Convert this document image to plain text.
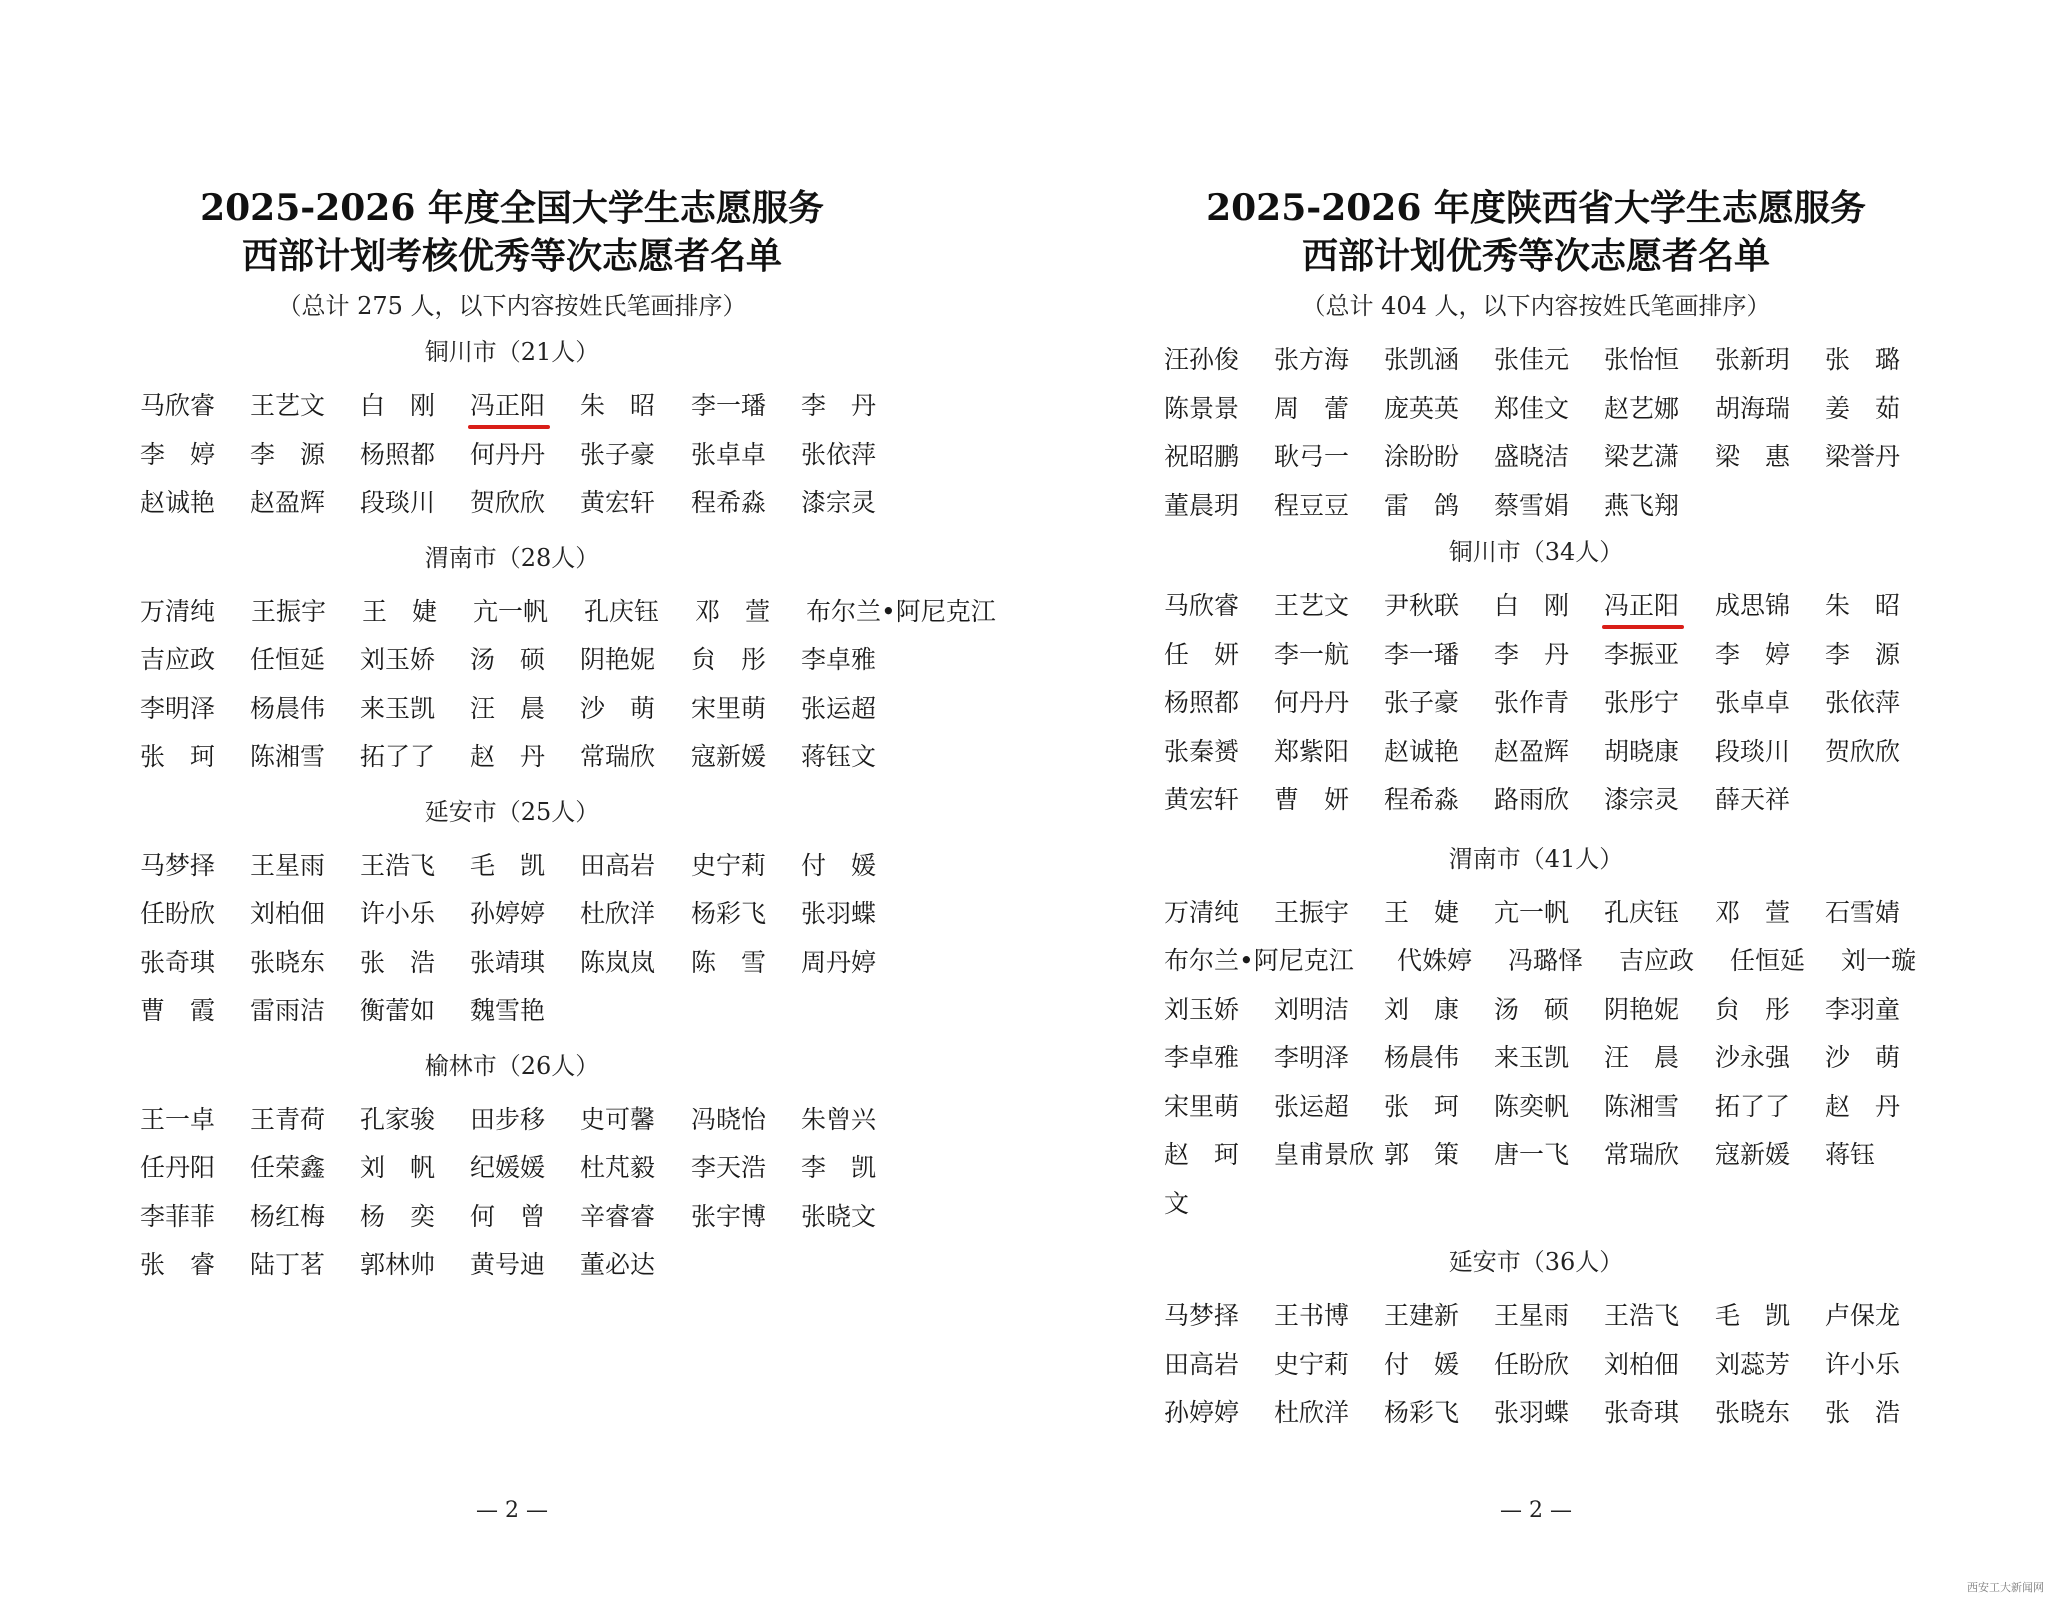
2025-2026 年度全国大学生志愿服务
西部计划考核优秀等次志愿者名单
（总计 275 人，以下内容按姓氏笔画排序）
铜川市（21人）
马欣睿 王艺文 白　刚 冯正阳 朱　昭 李一璠 李　丹
李　婷 李　源 杨照都 何丹丹 张子豪 张卓卓 张依萍
赵诚艳 赵盈辉 段琰川 贺欣欣 黄宏轩 程希淼 漆宗灵
渭南市（28人）
万清纯 王振宇 王　婕 亢一帆 孔庆钰 邓　萱 布尔兰•阿尼克江
吉应政 任恒延 刘玉娇 汤　硕 阴艳妮 贠　彤 李卓雅
李明泽 杨晨伟 来玉凯 汪　晨 沙　萌 宋里萌 张运超
张　珂 陈湘雪 拓了了 赵　丹 常瑞欣 寇新媛 蒋钰文
延安市（25人）
马梦择 王星雨 王浩飞 毛　凯 田高岩 史宁莉 付　媛
任盼欣 刘柏佃 许小乐 孙婷婷 杜欣洋 杨彩飞 张羽蝶
张奇琪 张晓东 张　浩 张靖琪 陈岚岚 陈　雪 周丹婷
曹　霞 雷雨洁 衡蕾如 魏雪艳
榆林市（26人）
王一卓 王青荷 孔家骏 田步移 史可馨 冯晓怡 朱曾兴
任丹阳 任荣鑫 刘　帆 纪媛媛 杜芃毅 李天浩 李　凯
李菲菲 杨红梅 杨　奕 何　曾 辛睿睿 张宇博 张晓文
张　睿 陆丁茗 郭林帅 黄号迪 董必达
— 2 —
2025-2026 年度陕西省大学生志愿服务
西部计划优秀等次志愿者名单
（总计 404 人，以下内容按姓氏笔画排序）
汪孙俊 张方海 张凯涵 张佳元 张怡恒 张新玥 张　璐
陈景景 周　蕾 庞英英 郑佳文 赵艺娜 胡海瑞 姜　茹
祝昭鹏 耿弓一 涂盼盼 盛晓洁 梁艺潇 梁　惠 梁誉丹
董晨玥 程豆豆 雷　鸽 蔡雪娟 燕飞翔
铜川市（34人）
马欣睿 王艺文 尹秋联 白　刚 冯正阳 成思锦 朱　昭
任　妍 李一航 李一璠 李　丹 李振亚 李　婷 李　源
杨照都 何丹丹 张子豪 张作青 张彤宁 张卓卓 张依萍
张秦赟 郑紫阳 赵诚艳 赵盈辉 胡晓康 段琰川 贺欣欣
黄宏轩 曹　妍 程希淼 路雨欣 漆宗灵 薛天祥
渭南市（41人）
万清纯 王振宇 王　婕 亢一帆 孔庆钰 邓　萱 石雪婧
布尔兰•阿尼克江 代姝婷 冯璐怿 吉应政 任恒延 刘一璇
刘玉娇 刘明洁 刘　康 汤　硕 阴艳妮 贠　彤 李羽童
李卓雅 李明泽 杨晨伟 来玉凯 汪　晨 沙永强 沙　萌
宋里萌 张运超 张　珂 陈奕帆 陈湘雪 拓了了 赵　丹
赵　珂 皇甫景欣 郭　策 唐一飞 常瑞欣 寇新媛 蒋钰
文
延安市（36人）
马梦择 王书博 王建新 王星雨 王浩飞 毛　凯 卢保龙
田高岩 史宁莉 付　媛 任盼欣 刘柏佃 刘蕊芳 许小乐
孙婷婷 杜欣洋 杨彩飞 张羽蝶 张奇琪 张晓东 张　浩
— 2 —
西安工大新闻网
